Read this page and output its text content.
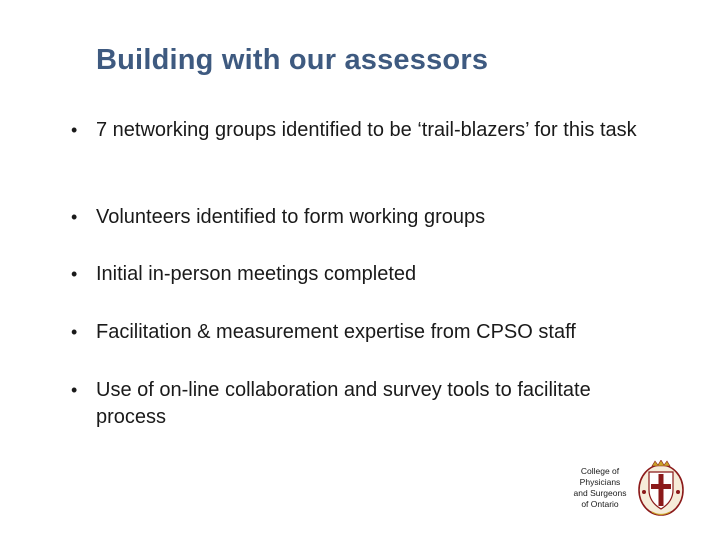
Building with our assessors
• 7 networking groups identified to be ‘trail-blazers’ for this task
• Volunteers identified to form working groups
• Initial in-person meetings completed
• Facilitation & measurement expertise from CPSO staff
• Use of on-line collaboration and survey tools to facilitate process
College of
Physicians
and Surgeons
of Ontario
